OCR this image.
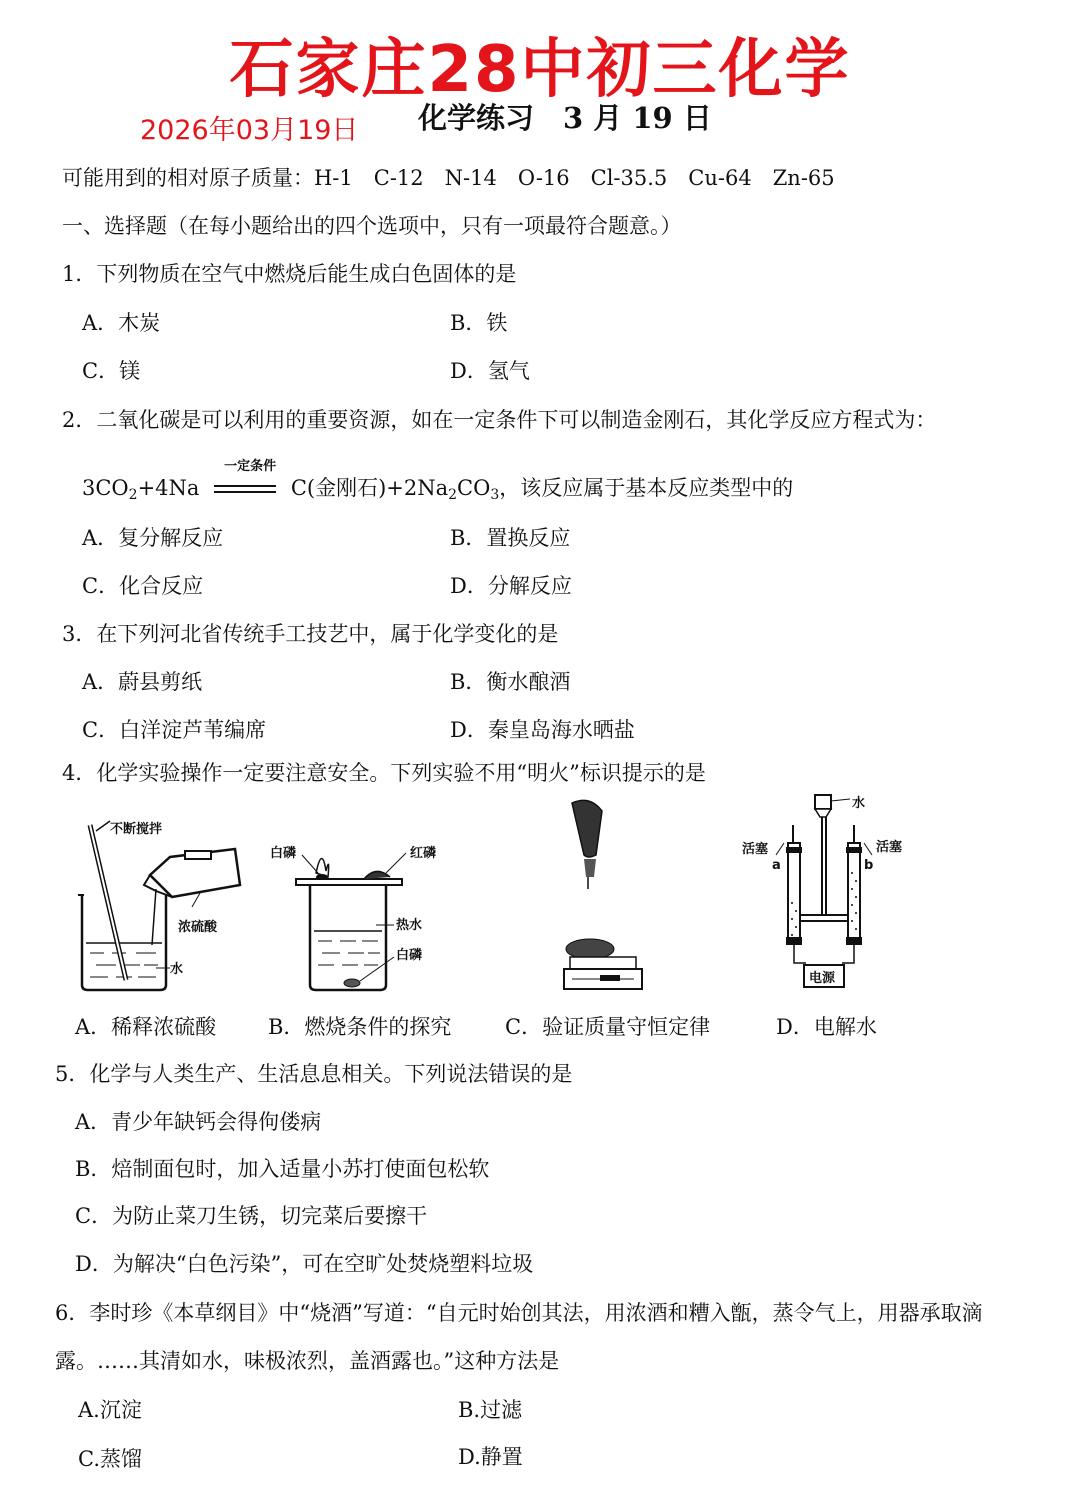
石家庄28中初三化学
2026年03月19日 化学练习　3 月 19 日
可能用到的相对原子质量：H-1　C-12　N-14　O-16　Cl-35.5　Cu-64　Zn-65
一、选择题（在每小题给出的四个选项中，只有一项最符合题意。）
1．下列物质在空气中燃烧后能生成白色固体的是
A．木炭	B．铁
C．镁	D．氢气
2．二氧化碳是可以利用的重要资源，如在一定条件下可以制造金刚石，其化学反应方程式为：
3CO2+4Na
一定条件
C(金刚石)+2Na2CO3，该反应属于基本反应类型中的
A．复分解反应	B．置换反应
C．化合反应	D．分解反应
3．在下列河北省传统手工技艺中，属于化学变化的是
A．蔚县剪纸	B．衡水酿酒
C．白洋淀芦苇编席	D．秦皇岛海水晒盐
4．化学实验操作一定要注意安全。下列实验不用“明火”标识提示的是
不断搅拌
浓硫酸
水
白磷	红磷
热水
白磷
水
活塞	活塞
a	b
电源
A．稀释浓硫酸 B．燃烧条件的探究	C．验证质量守恒定律	D．电解水
5．化学与人类生产、生活息息相关。下列说法错误的是
A．青少年缺钙会得佝偻病
B．焙制面包时，加入适量小苏打使面包松软
C．为防止菜刀生锈，切完菜后要擦干
D．为解决“白色污染”，可在空旷处焚烧塑料垃圾
6．李时珍《本草纲目》中“烧酒”写道：“自元时始创其法，用浓酒和糟入甑，蒸令气上，用器承取滴
露。……其清如水，味极浓烈，盖酒露也。”这种方法是
A.沉淀	B.过滤
C.蒸馏	D.静置
